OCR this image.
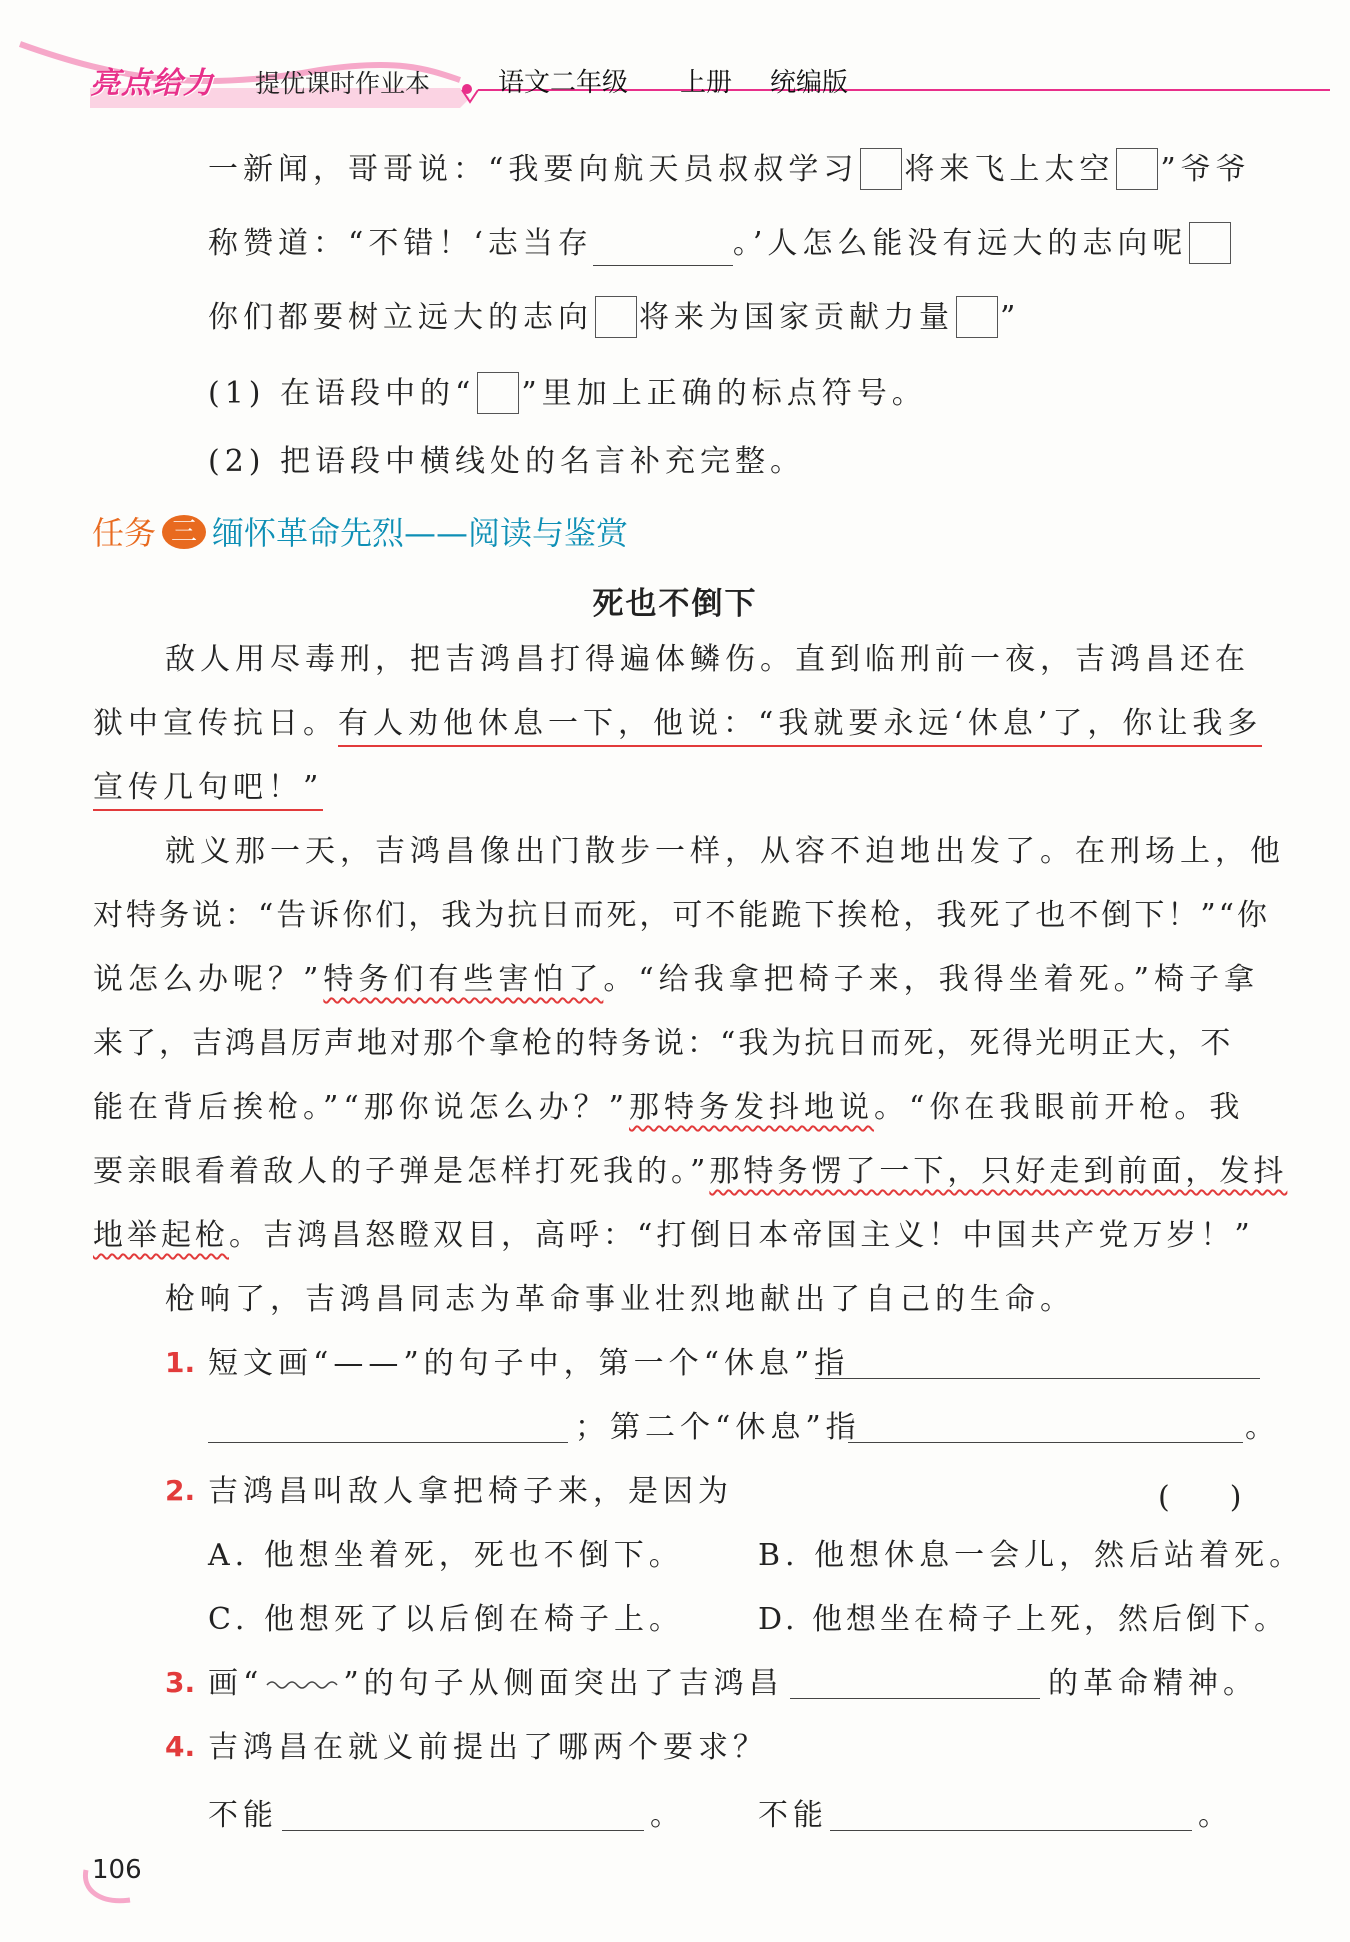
亮点给力 提优课时作业本	语文二年级 上册 统编版
一新闻，哥哥说：“我要向航天员叔叔学习 将来飞上太空 ”爷爷
称赞道：“不错！‘志当存	。’人怎么能没有远大的志向呢
你们都要树立远大的志向 将来为国家贡献力量 ”
(1) 在语段中的“ ”里加上正确的标点符号。
(2) 把语段中横线处的名言补充完整。
任务 三 缅怀革命先烈——阅读与鉴赏
死也不倒下
敌人用尽毒刑，把吉鸿昌打得遍体鳞伤。直到临刑前一夜，吉鸿昌还在
狱中宣传抗日。有人劝他休息一下，他说：“我就要永远‘休息’了，你让我多
宣传几句吧！”
就义那一天，吉鸿昌像出门散步一样，从容不迫地出发了。在刑场上，他
对特务说：“告诉你们，我为抗日而死，可不能跪下挨枪，我死了也不倒下！”“你
说怎么办呢？”特务们有些害怕了。“给我拿把椅子来，我得坐着死。”椅子拿
来了，吉鸿昌厉声地对那个拿枪的特务说：“我为抗日而死，死得光明正大，不
能在背后挨枪。”“那你说怎么办？”那特务发抖地说。“你在我眼前开枪。我
要亲眼看着敌人的子弹是怎样打死我的。”那特务愣了一下，只好走到前面，发抖
地举起枪。吉鸿昌怒瞪双目，高呼：“打倒日本帝国主义！中国共产党万岁！”
枪响了，吉鸿昌同志为革命事业壮烈地献出了自己的生命。
1. 短文画“——”的句子中，第一个“休息”指
；第二个“休息”指	。
2. 吉鸿昌叫敌人拿把椅子来，是因为	(　　)
A. 他想坐着死，死也不倒下。 B. 他想休息一会儿，然后站着死。
C. 他想死了以后倒在椅子上。 D. 他想坐在椅子上死，然后倒下。
3. 画“	”的句子从侧面突出了吉鸿昌	的革命精神。
4. 吉鸿昌在就义前提出了哪两个要求？
不能	。 不能	。
106
